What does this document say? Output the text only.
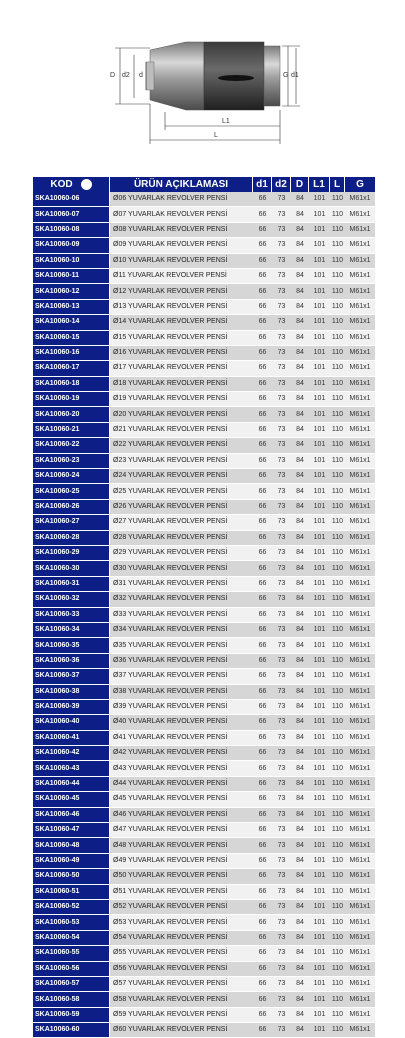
D d2 d	G d1
L1
L
KOD	ÜRÜN AÇIKLAMASI	d1	d2	D	L1	L	G
SKA10060-06	Ø06 YUVARLAK REVOLVER PENSİ	66	73	84	101	110	M61x1
SKA10060-07	Ø07 YUVARLAK REVOLVER PENSİ	66	73	84	101	110	M61x1
SKA10060-08	Ø08 YUVARLAK REVOLVER PENSİ	66	73	84	101	110	M61x1
SKA10060-09	Ø09 YUVARLAK REVOLVER PENSİ	66	73	84	101	110	M61x1
SKA10060-10	Ø10 YUVARLAK REVOLVER PENSİ	66	73	84	101	110	M61x1
SKA10060-11	Ø11 YUVARLAK REVOLVER PENSİ	66	73	84	101	110	M61x1
SKA10060-12	Ø12 YUVARLAK REVOLVER PENSİ	66	73	84	101	110	M61x1
SKA10060-13	Ø13 YUVARLAK REVOLVER PENSİ	66	73	84	101	110	M61x1
SKA10060-14	Ø14 YUVARLAK REVOLVER PENSİ	66	73	84	101	110	M61x1
SKA10060-15	Ø15 YUVARLAK REVOLVER PENSİ	66	73	84	101	110	M61x1
SKA10060-16	Ø16 YUVARLAK REVOLVER PENSİ	66	73	84	101	110	M61x1
SKA10060-17	Ø17 YUVARLAK REVOLVER PENSİ	66	73	84	101	110	M61x1
SKA10060-18	Ø18 YUVARLAK REVOLVER PENSİ	66	73	84	101	110	M61x1
SKA10060-19	Ø19 YUVARLAK REVOLVER PENSİ	66	73	84	101	110	M61x1
SKA10060-20	Ø20 YUVARLAK REVOLVER PENSİ	66	73	84	101	110	M61x1
SKA10060-21	Ø21 YUVARLAK REVOLVER PENSİ	66	73	84	101	110	M61x1
SKA10060-22	Ø22 YUVARLAK REVOLVER PENSİ	66	73	84	101	110	M61x1
SKA10060-23	Ø23 YUVARLAK REVOLVER PENSİ	66	73	84	101	110	M61x1
SKA10060-24	Ø24 YUVARLAK REVOLVER PENSİ	66	73	84	101	110	M61x1
SKA10060-25	Ø25 YUVARLAK REVOLVER PENSİ	66	73	84	101	110	M61x1
SKA10060-26	Ø26 YUVARLAK REVOLVER PENSİ	66	73	84	101	110	M61x1
SKA10060-27	Ø27 YUVARLAK REVOLVER PENSİ	66	73	84	101	110	M61x1
SKA10060-28	Ø28 YUVARLAK REVOLVER PENSİ	66	73	84	101	110	M61x1
SKA10060-29	Ø29 YUVARLAK REVOLVER PENSİ	66	73	84	101	110	M61x1
SKA10060-30	Ø30 YUVARLAK REVOLVER PENSİ	66	73	84	101	110	M61x1
SKA10060-31	Ø31 YUVARLAK REVOLVER PENSİ	66	73	84	101	110	M61x1
SKA10060-32	Ø32 YUVARLAK REVOLVER PENSİ	66	73	84	101	110	M61x1
SKA10060-33	Ø33 YUVARLAK REVOLVER PENSİ	66	73	84	101	110	M61x1
SKA10060-34	Ø34 YUVARLAK REVOLVER PENSİ	66	73	84	101	110	M61x1
SKA10060-35	Ø35 YUVARLAK REVOLVER PENSİ	66	73	84	101	110	M61x1
SKA10060-36	Ø36 YUVARLAK REVOLVER PENSİ	66	73	84	101	110	M61x1
SKA10060-37	Ø37 YUVARLAK REVOLVER PENSİ	66	73	84	101	110	M61x1
SKA10060-38	Ø38 YUVARLAK REVOLVER PENSİ	66	73	84	101	110	M61x1
SKA10060-39	Ø39 YUVARLAK REVOLVER PENSİ	66	73	84	101	110	M61x1
SKA10060-40	Ø40 YUVARLAK REVOLVER PENSİ	66	73	84	101	110	M61x1
SKA10060-41	Ø41 YUVARLAK REVOLVER PENSİ	66	73	84	101	110	M61x1
SKA10060-42	Ø42 YUVARLAK REVOLVER PENSİ	66	73	84	101	110	M61x1
SKA10060-43	Ø43 YUVARLAK REVOLVER PENSİ	66	73	84	101	110	M61x1
SKA10060-44	Ø44 YUVARLAK REVOLVER PENSİ	66	73	84	101	110	M61x1
SKA10060-45	Ø45 YUVARLAK REVOLVER PENSİ	66	73	84	101	110	M61x1
SKA10060-46	Ø46 YUVARLAK REVOLVER PENSİ	66	73	84	101	110	M61x1
SKA10060-47	Ø47 YUVARLAK REVOLVER PENSİ	66	73	84	101	110	M61x1
SKA10060-48	Ø48 YUVARLAK REVOLVER PENSİ	66	73	84	101	110	M61x1
SKA10060-49	Ø49 YUVARLAK REVOLVER PENSİ	66	73	84	101	110	M61x1
SKA10060-50	Ø50 YUVARLAK REVOLVER PENSİ	66	73	84	101	110	M61x1
SKA10060-51	Ø51 YUVARLAK REVOLVER PENSİ	66	73	84	101	110	M61x1
SKA10060-52	Ø52 YUVARLAK REVOLVER PENSİ	66	73	84	101	110	M61x1
SKA10060-53	Ø53 YUVARLAK REVOLVER PENSİ	66	73	84	101	110	M61x1
SKA10060-54	Ø54 YUVARLAK REVOLVER PENSİ	66	73	84	101	110	M61x1
SKA10060-55	Ø55 YUVARLAK REVOLVER PENSİ	66	73	84	101	110	M61x1
SKA10060-56	Ø56 YUVARLAK REVOLVER PENSİ	66	73	84	101	110	M61x1
SKA10060-57	Ø57 YUVARLAK REVOLVER PENSİ	66	73	84	101	110	M61x1
SKA10060-58	Ø58 YUVARLAK REVOLVER PENSİ	66	73	84	101	110	M61x1
SKA10060-59	Ø59 YUVARLAK REVOLVER PENSİ	66	73	84	101	110	M61x1
SKA10060-60	Ø60 YUVARLAK REVOLVER PENSİ	66	73	84	101	110	M61x1
